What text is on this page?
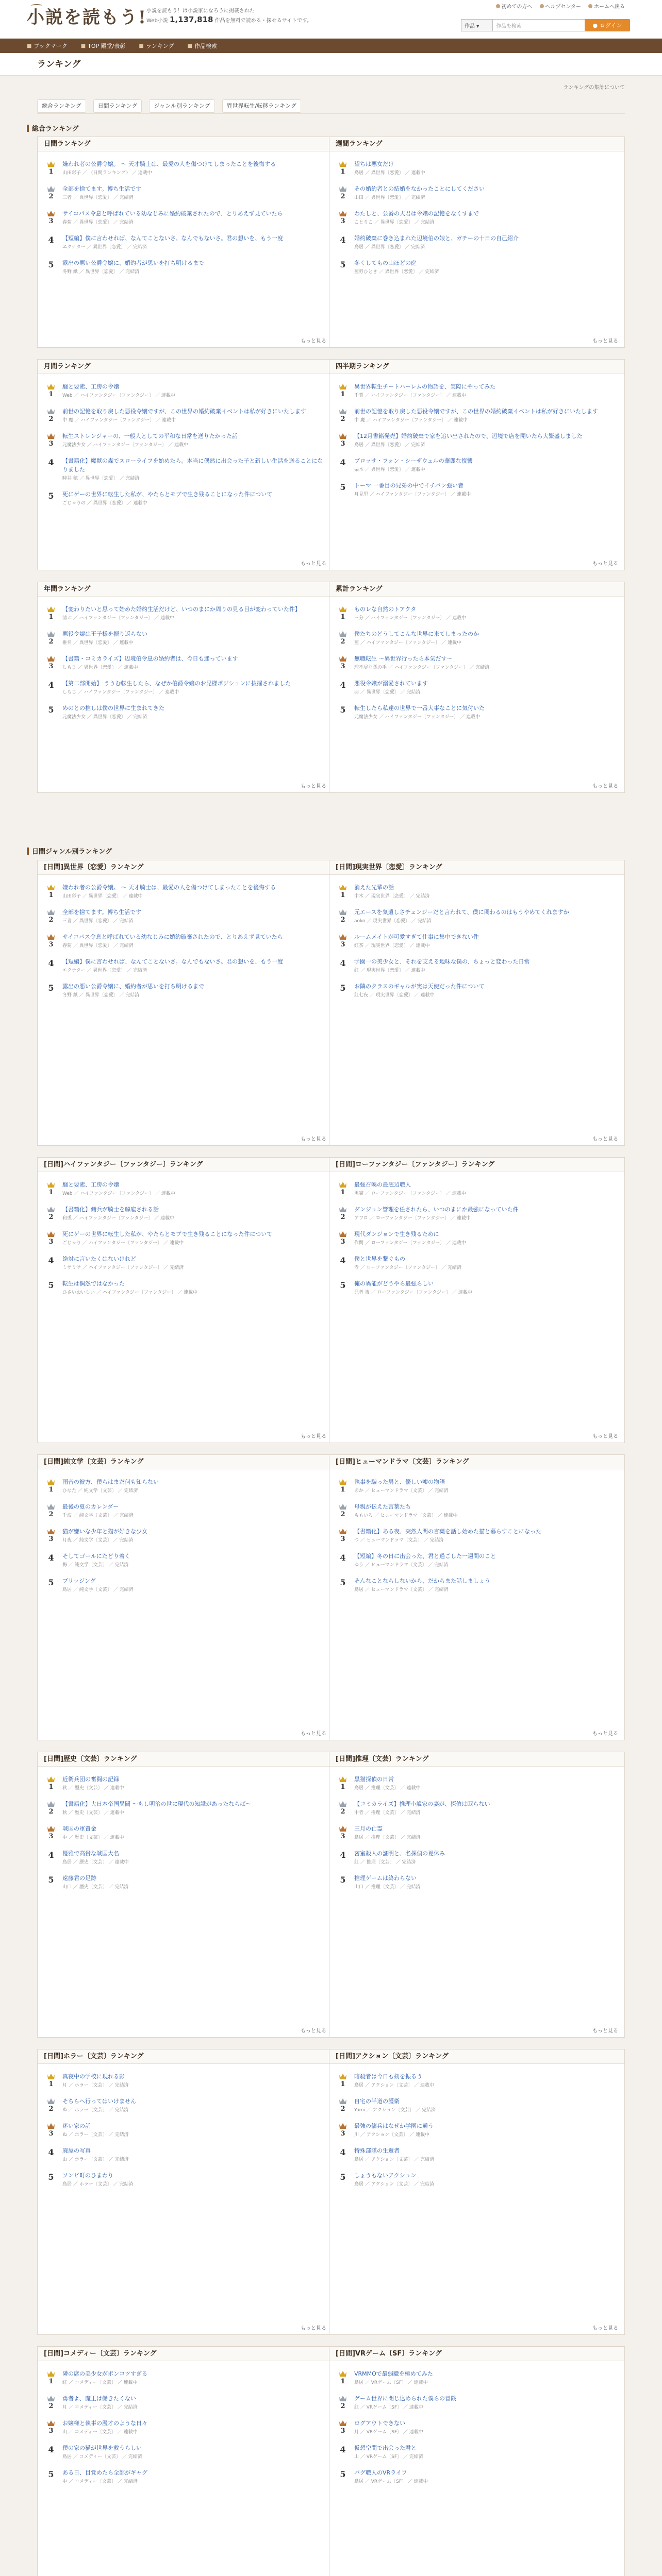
小説を読もう! 小説を読もう！は小説家になろうに掲載された
Web小説 1,137,818 作品を無料で読める・探せるサイトです。
初めての方へ	ヘルプセンター	ホームへ戻る
作品 ▾	作品を検索	● ログイン
■ ブックマーク	■ TOP 殿堂/表彰	■ ランキング	■ 作品検索
ランキング
ランキングの集計について
総合ランキング	日間ランキング	ジャンル別ランキング	異世界転生/転移ランキング
総合ランキング
日間ジャンル別ランキング
日間ランキング
1
嫌われ者の公爵令嬢。 ～ 天才騎士は、最愛の人を傷つけてしまったことを後悔する
山田彩子 ／ 〈日間ランキング〉 ／ 連載中
2
全部を捨てます。博ち生活です
三者 ／ 異世界〔恋愛〕 ／ 完結済
3
サイコパス令息と呼ばれている幼なじみに婚約破棄されたので、とりあえず見ていたら
春菊 ／ 異世界〔恋愛〕 ／ 完結済
4	【短編】僕に言わせれば、なんてことないさ。なんでもないさ。君の想いを、もう一度
エクナター ／ 異世界〔恋愛〕 ／ 完結済
5	露出の悪い公爵令嬢に、婚約者が思いを打ち明けるまで
冬野 紙 ／ 異世界〔恋愛〕 ／ 完結済
もっと見る
週間ランキング
1
望ちは悪女だけ
鳥居 ／ 異世界〔恋愛〕 ／ 連載中
2
その婚約者との結婚をなかったことにしてください
山田 ／ 異世界〔恋愛〕 ／ 完結済
3
わたしと、公爵の夫君は令嬢の記憶をなくすまで
ことりこ ／ 異世界〔恋愛〕 ／ 完結済
4	婚約破棄に巻き込まれた辺境伯の娘と、ガチーの十日の自己紹介
鳥居 ／ 異世界〔恋愛〕 ／ 完結済
5	冬くしてもの山ほどの庭
藍野ひとき ／ 異世界〔恋愛〕 ／ 完結済
もっと見る
月間ランキング
1
騒と要素、工房の令嬢
Web ／ ハイファンタジー〔ファンタジー〕 ／ 連載中
2
前世の記憶を取り戻した悪役令嬢ですが、この世界の婚約破棄イベントは私が好きにいたします
中 魔 ／ ハイファンタジー〔ファンタジー〕 ／ 連載中
3
転生ストレンジャーの、一般人としての平和な日常を送りたかった話
元魔法少女 ／ ハイファンタジー〔ファンタジー〕 ／ 連載中
4	【書籍化】魔獣の森でスローライフを始めたら。本当に偶然に出会った子と新しい生活を送ることになりました
時井 穂 ／ 異世界〔恋愛〕 ／ 完結済
5	死にゲーの世界に転生した私が、やたらとモブで生き残ることになった件について
ごじゃりの ／ 異世界〔恋愛〕 ／ 連載中
もっと見る
四半期ランキング
1
異世界転生チートハーレムの物語を、実際にやってみた
千賀 ／ ハイファンタジー〔ファンタジー〕 ／ 連載中
2
前世の記憶を取り戻した悪役令嬢ですが、この世界の婚約破棄イベントは私が好きにいたします
中 魔 ／ ハイファンタジー〔ファンタジー〕 ／ 連載中
3
【12月書籍発売】婚約破棄で家を追い出されたので、辺境で店を開いたら大繁盛しました
鳥居 ／ 異世界〔恋愛〕 ／ 完結済
4	ブロッサ・フォン・シーザウェルの華麗な復讐
栗本 ／ 異世界〔恋愛〕 ／ 連載中
5	トーマ 一番目の兄弟の中でイチバン強い者
月見里 ／ ハイファンタジー〔ファンタジー〕 ／ 連載中
もっと見る
年間ランキング
1
【変わりたいと思って始めた婚約生活だけど、いつのまにか周りの見る目が変わっていた件】
清ぶ ／ ハイファンタジー〔ファンタジー〕 ／ 連載中
2
悪役令嬢は王子様を振り返らない
椎名 ／ 異世界〔恋愛〕 ／ 連載中
3
【書籍・コミカライズ】辺境伯令息の婚約者は、今日も迷っています
しもじ ／ 異世界〔恋愛〕 ／ 連載中
4	【第二部開始】 ううむ転生したら、なぜか伯爵令嬢のお兄様ポジションに抜擢されました
しもじ ／ ハイファンタジー〔ファンタジー〕 ／ 連載中
5	めのとの推しは僕の世界に生まれてきた
元魔法少女 ／ 異世界〔恋愛〕 ／ 完結済
もっと見る
累計ランキング
1
ものレな自然のトアクタ
三分 ／ ハイファンタジー〔ファンタジー〕 ／ 連載中
2
僕たちのどうしてこんな世界に来てしまったのか
藍 ／ ハイファンタジー〔ファンタジー〕 ／ 連載中
3
無職転生 ～異世界行ったら本気だす～
理不尽な孫の手 ／ ハイファンタジー〔ファンタジー〕 ／ 完結済
4	悪役令嬢が溺愛されています
羽 ／ 異世界〔恋愛〕 ／ 完結済
5	転生したら私達の世界で一番大事なことに気付いた
元魔法少女 ／ ハイファンタジー〔ファンタジー〕 ／ 連載中
もっと見る
[日間]異世界〔恋愛〕ランキング
1
嫌われ者の公爵令嬢。 ～ 天才騎士は、最愛の人を傷つけてしまったことを後悔する
山田彩子 ／ 異世界〔恋愛〕 ／ 連載中
2
全部を捨てます。博ち生活です
三者 ／ 異世界〔恋愛〕 ／ 完結済
3
サイコパス令息と呼ばれている幼なじみに婚約破棄されたので、とりあえず見ていたら
春菊 ／ 異世界〔恋愛〕 ／ 完結済
4	【短編】僕に言わせれば、なんてことないさ。なんでもないさ。君の想いを、もう一度
エクナター ／ 異世界〔恋愛〕 ／ 完結済
5	露出の悪い公爵令嬢に、婚約者が思いを打ち明けるまで
冬野 紙 ／ 異世界〔恋愛〕 ／ 完結済
もっと見る
[日間]現実世界〔恋愛〕ランキング
1
消えた先輩の話
中木 ／ 現実世界〔恋愛〕 ／ 完結済
2
元エースを気遣しさチェンジーだと言われて、僕に関わるのはもうやめてくれますか
aoko ／ 現実世界〔恋愛〕 ／ 完結済
3
ルームメイトが可愛すぎて仕事に集中できない件
紅茶 ／ 現実世界〔恋愛〕 ／ 連載中
4	学園一の美少女と、それを支える地味な僕の、ちょっと変わった日常
紅 ／ 現実世界〔恋愛〕 ／ 連載中
5	お隣のクラスのギャルが実は天使だった件について
紅七夜 ／ 現実世界〔恋愛〕 ／ 連載中
もっと見る
[日間]ハイファンタジー〔ファンタジー〕ランキング
1
騒と要素、工房の令嬢
Web ／ ハイファンタジー〔ファンタジー〕 ／ 連載中
2
【書籍化】傭兵が騎士を解雇される話
和兎 ／ ハイファンタジー〔ファンタジー〕 ／ 連載中
3
死にゲーの世界に転生した私が、やたらとモブで生き残ることになった件について
ごじゃり ／ ハイファンタジー〔ファンタジー〕 ／ 連載中
4	絶対に言いたくはないけれど
ミサミサ ／ ハイファンタジー〔ファンタジー〕 ／ 完結済
5	転生は偶然ではなかった
ひさいおいしい ／ ハイファンタジー〔ファンタジー〕 ／ 連載中
もっと見る
[日間]ローファンタジー〔ファンタジー〕ランキング
1
最強召喚の最底辺職人
黒猫 ／ ローファンタジー〔ファンタジー〕 ／ 連載中
2
ダンジョン管理を任されたら、いつのまにか最強になっていた件
アフロ ／ ローファンタジー〔ファンタジー〕 ／ 連載中
3
現代ダンジョンで生き残るために
作間 ／ ローファンタジー〔ファンタジー〕 ／ 連載中
4	僕と世界を繋ぐもの
寺 ／ ローファンタジー〔ファンタジー〕 ／ 完結済
5	俺の異能がどうやら最強らしい
兄者 夜 ／ ローファンタジー〔ファンタジー〕 ／ 連載中
もっと見る
[日間]純文学〔文芸〕ランキング
1
雨音の彼方、僕らはまだ何も知らない
ひなた ／ 純文学〔文芸〕 ／ 完結済
2
最後の夏のカレンダー
千波 ／ 純文学〔文芸〕 ／ 完結済
3
猫が嫌いな少年と猫が好きな少女
月夜 ／ 純文学〔文芸〕 ／ 完結済
4	そしてゴールにたどり着く
梅 ／ 純文学〔文芸〕 ／ 完結済
5	ブリッジング
鳥居 ／ 純文学〔文芸〕 ／ 完結済
もっと見る
[日間]ヒューマンドラマ〔文芸〕ランキング
1
執事を騙った男と、優しい嘘の物語
あか ／ ヒューマンドラマ〔文芸〕 ／ 完結済
2
母親が伝えた言葉たち
ももいろ ／ ヒューマンドラマ〔文芸〕 ／ 連載中
3
【書籍化】ある夜、突然人間の言葉を話し始めた猫と暮らすことになった
つ ／ ヒューマンドラマ〔文芸〕 ／ 完結済
4	【短編】冬の日に出会った、君と過ごした一週間のこと
ゆう ／ ヒューマンドラマ〔文芸〕 ／ 完結済
5	そんなことならしないから、だからまた話しましょう
鳥居 ／ ヒューマンドラマ〔文芸〕 ／ 完結済
もっと見る
[日間]歴史〔文芸〕ランキング
1
近衛兵団の奮闘の記録
秋 ／ 歴史〔文芸〕 ／ 連載中
2
【書籍化】大日本帝国異聞 ～もし明治の世に現代の知識があったならば～
秋 ／ 歴史〔文芸〕 ／ 連載中
3
戦国の軍資金
中 ／ 歴史〔文芸〕 ／ 連載中
4	優雅で高貴な戦国大名
鳥居 ／ 歴史〔文芸〕 ／ 連載中
5	遠藤君の足跡
山口 ／ 歴史〔文芸〕 ／ 完結済
もっと見る
[日間]推理〔文芸〕ランキング
1
黒猫探偵の日常
鳥居 ／ 推理〔文芸〕 ／ 連載中
2
【コミカライズ】推理小説家の妻が、探偵は眠らない
中者 ／ 推理〔文芸〕 ／ 完結済
3
三月の亡霊
鳥居 ／ 推理〔文芸〕 ／ 完結済
4	密室殺人の証明と、名探偵の夏休み
紅 ／ 推理〔文芸〕 ／ 完結済
5	推理ゲームは終わらない
山口 ／ 推理〔文芸〕 ／ 完結済
もっと見る
[日間]ホラー〔文芸〕ランキング
1
真夜中の学校に現れる影
月 ／ ホラー〔文芸〕 ／ 完結済
2
そちらへ行ってはいけません
ぬ ／ ホラー〔文芸〕 ／ 完結済
3
迷い家の話
ぬ ／ ホラー〔文芸〕 ／ 完結済
4	廃屋の写真
山 ／ ホラー〔文芸〕 ／ 完結済
5	ソンビ町のひまわり
鳥居 ／ ホラー〔文芸〕 ／ 完結済
もっと見る
[日間]アクション〔文芸〕ランキング
1
暗殺者は今日も剣を振るう
鳥居 ／ アクション〔文芸〕 ／ 連載中
2
自宅の半道の護衛
Yomi ／ アクション〔文芸〕 ／ 完結済
3
最強の傭兵はなぜか学園に通う
川 ／ アクション〔文芸〕 ／ 連載中
4	特殊部隊の生還者
鳥居 ／ アクション〔文芸〕 ／ 完結済
5	しょうもないアクション
鳥居 ／ アクション〔文芸〕 ／ 完結済
もっと見る
[日間]コメディー〔文芸〕ランキング
1
隣の席の美少女がポンコツすぎる
紅 ／ コメディー〔文芸〕 ／ 連載中
2
勇者よ、魔王は働きたくない
月 ／ コメディー〔文芸〕 ／ 完結済
3
お嬢様と執事の漫才のような日々
山 ／ コメディー〔文芸〕 ／ 連載中
4	僕の家の猫が世界を救うらしい
鳥居 ／ コメディー〔文芸〕 ／ 完結済
5	ある日、目覚めたら全部がギャグ
中 ／ コメディー〔文芸〕 ／ 完結済
[日間]VRゲーム〔SF〕ランキング
1
VRMMOで最弱職を極めてみた
鳥居 ／ VRゲーム〔SF〕 ／ 連載中
2
ゲーム世界に閉じ込められた僕らの冒険
紅 ／ VRゲーム〔SF〕 ／ 連載中
3
ログアウトできない
月 ／ VRゲーム〔SF〕 ／ 連載中
4	仮想空間で出会った君と
山 ／ VRゲーム〔SF〕 ／ 完結済
5	バグ職人のVRライフ
鳥居 ／ VRゲーム〔SF〕 ／ 連載中
